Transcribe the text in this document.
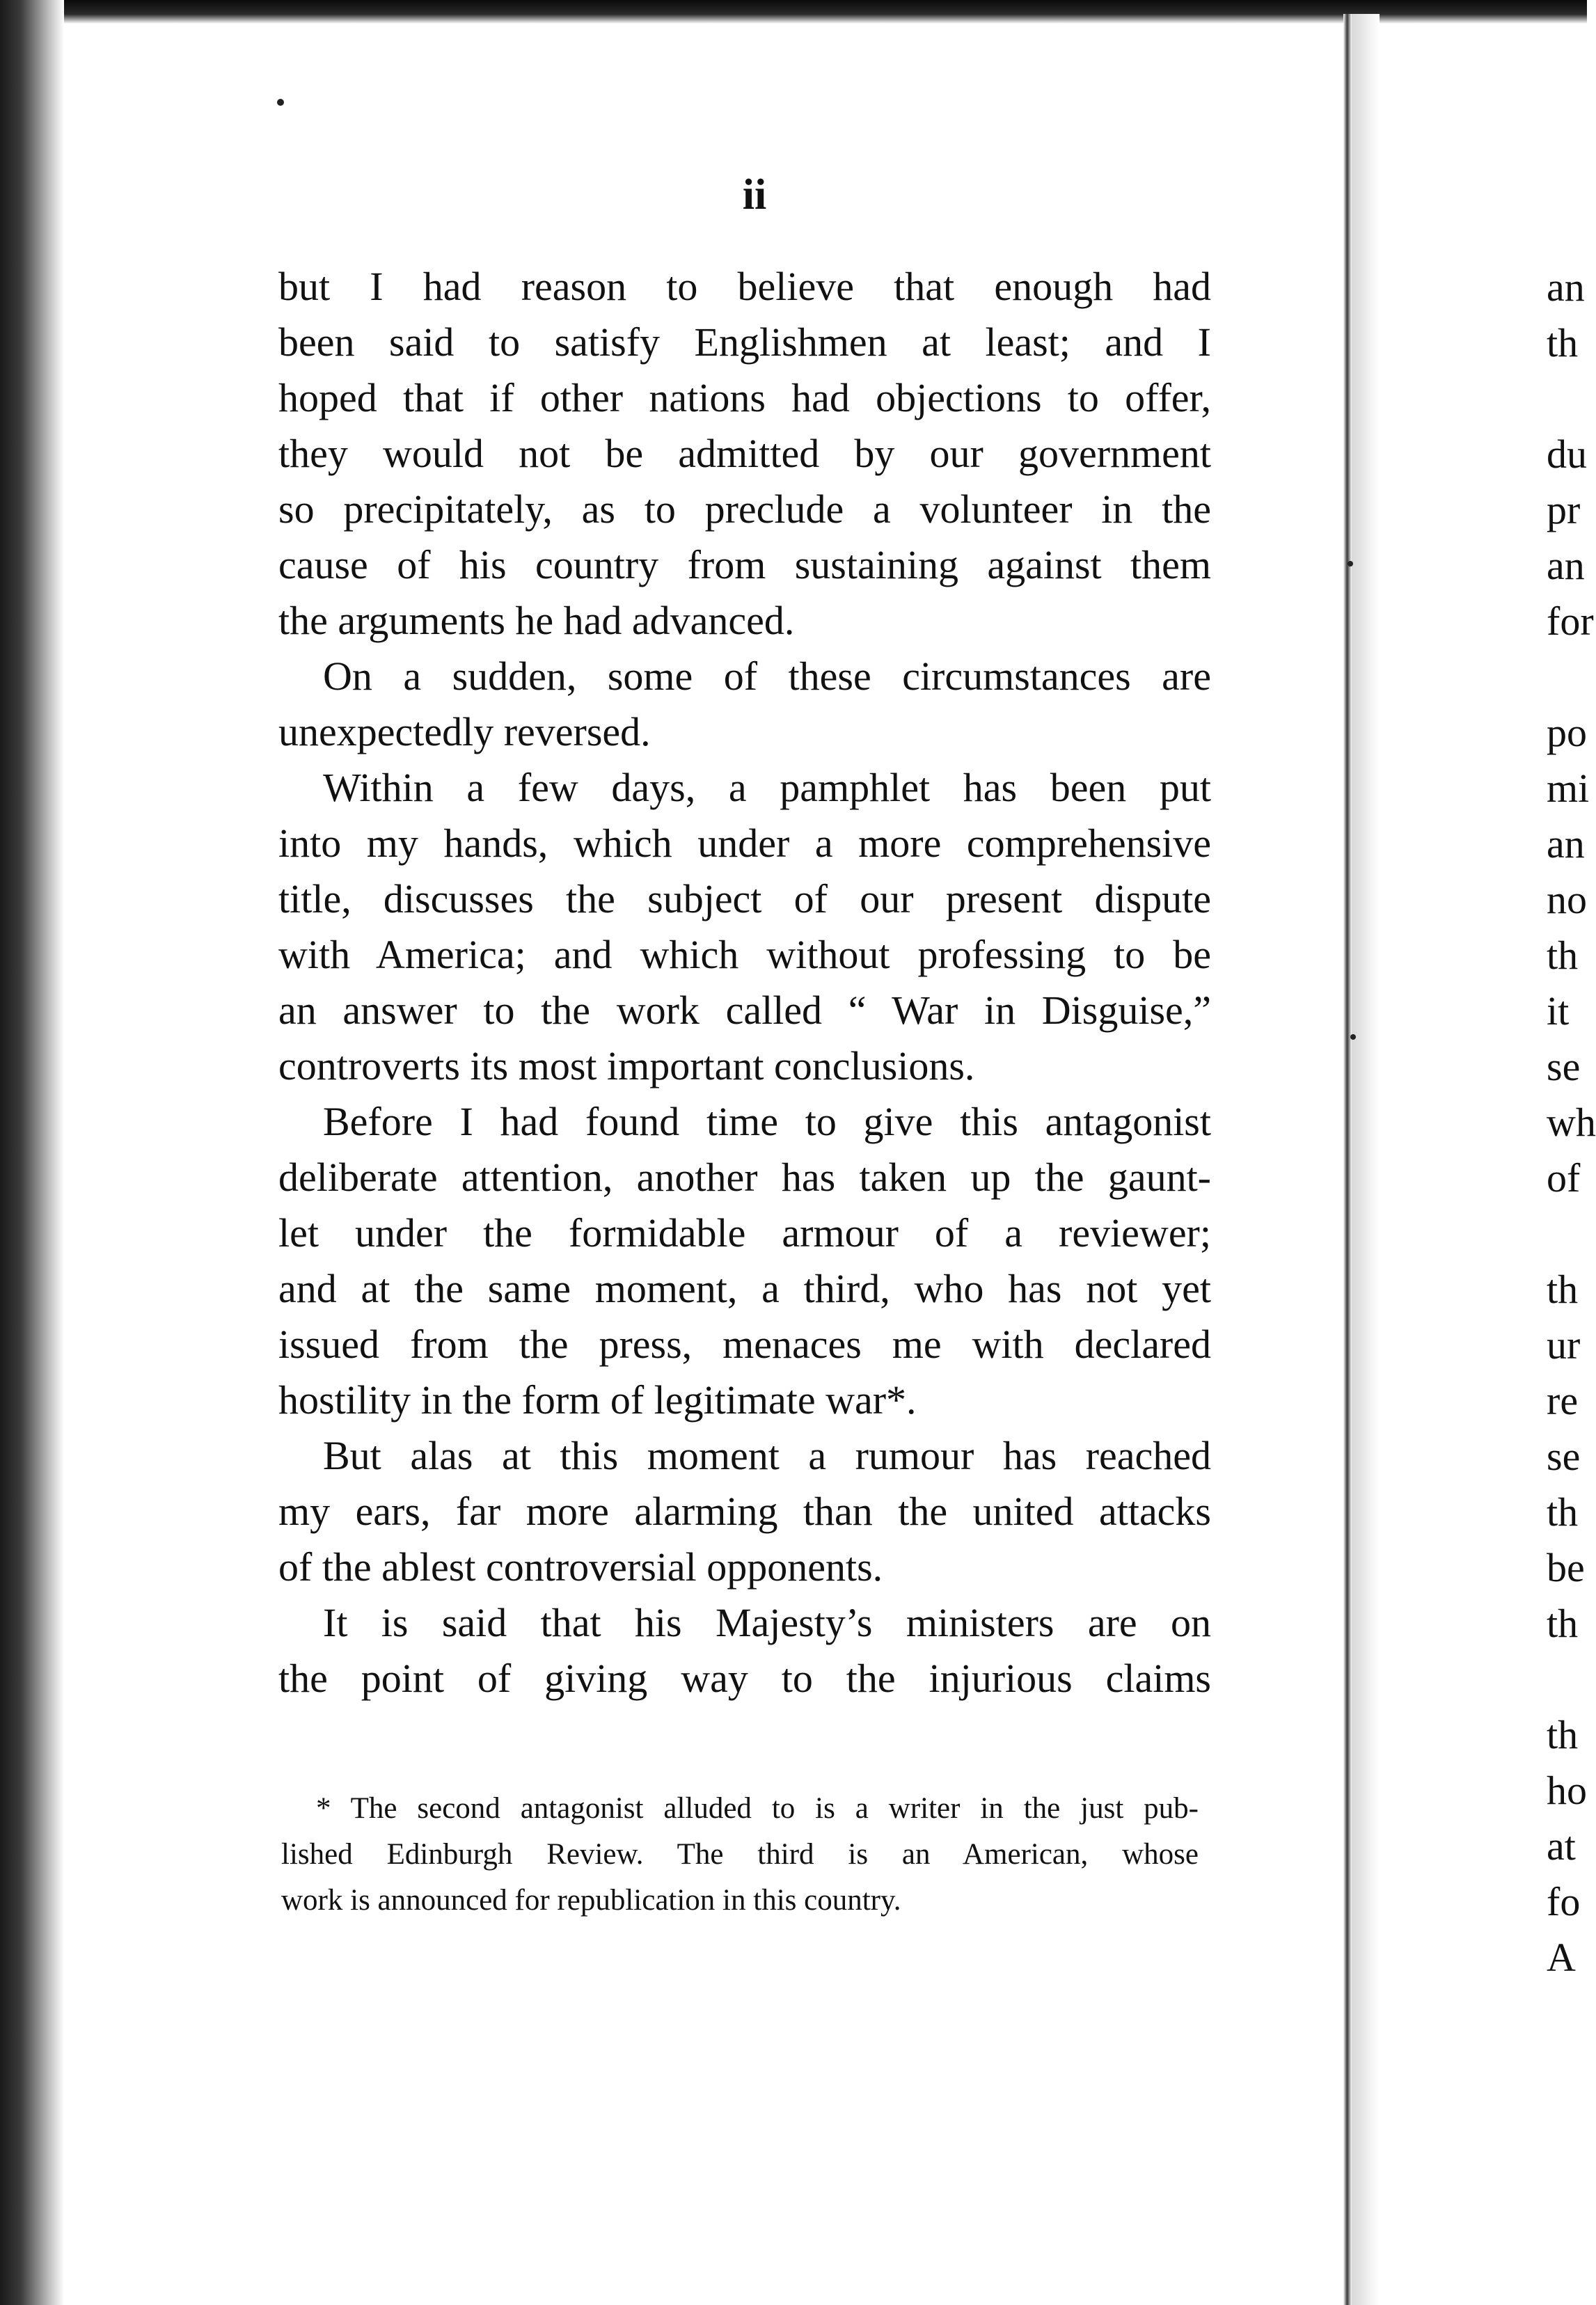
ii
but I had reason to believe that enough had
been said to satisfy Englishmen at least; and I
hoped that if other nations had objections to offer,
they would not be admitted by our government
so precipitately, as to preclude a volunteer in the
cause of his country from sustaining against them
the arguments he had advanced.
On a sudden, some of these circumstances are
unexpectedly reversed.
Within a few days, a pamphlet has been put
into my hands, which under a more comprehensive
title, discusses the subject of our present dispute
with America; and which without professing to be
an answer to the work called “ War in Disguise,”
controverts its most important conclusions.
Before I had found time to give this antagonist
deliberate attention, another has taken up the gaunt-
let under the formidable armour of a reviewer;
and at the same moment, a third, who has not yet
issued from the press, menaces me with declared
hostility in the form of legitimate war*.
But alas at this moment a rumour has reached
my ears, far more alarming than the united attacks
of the ablest controversial opponents.
It is said that his Majesty’s ministers are on
the point of giving way to the injurious claims
* The second antagonist alluded to is a writer in the just pub-
lished Edinburgh Review. The third is an American, whose
work is announced for republication in this country.
an
th
du
pr
an
for
po
mi
an
no
th
it
se
wh
of
th
ur
re
se
th
be
th
th
ho
at
fo
A
